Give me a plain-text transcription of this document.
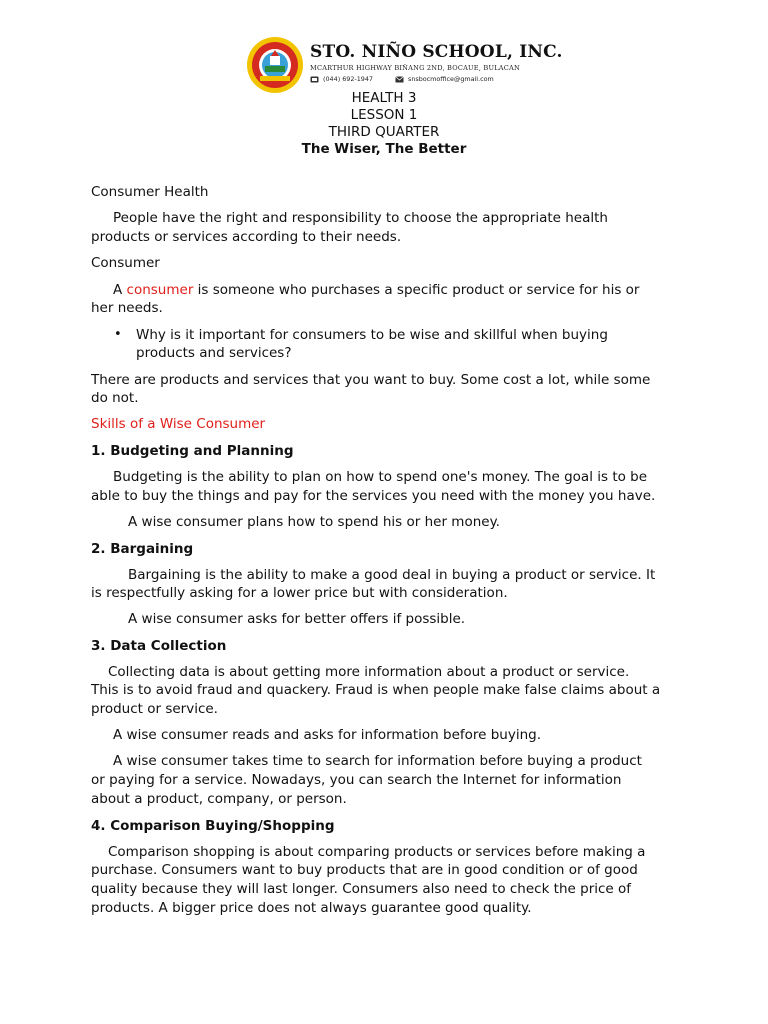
STO. NIÑO SCHOOL, INC.
MCARTHUR HIGHWAY BIÑANG 2ND, BOCAUE, BULACAN
(044) 692-1947	snsbocmoffice@gmail.com
HEALTH 3
LESSON 1
THIRD QUARTER
The Wiser, The Better
Consumer Health
People have the right and responsibility to choose the appropriate health
products or services according to their needs.
Consumer
A consumer is someone who purchases a specific product or service for his or
her needs.
• Why is it important for consumers to be wise and skillful when buying
products and services?
There are products and services that you want to buy. Some cost a lot, while some
do not.
Skills of a Wise Consumer
1. Budgeting and Planning
Budgeting is the ability to plan on how to spend one's money. The goal is to be
able to buy the things and pay for the services you need with the money you have.
A wise consumer plans how to spend his or her money.
2. Bargaining
Bargaining is the ability to make a good deal in buying a product or service. It
is respectfully asking for a lower price but with consideration.
A wise consumer asks for better offers if possible.
3. Data Collection
Collecting data is about getting more information about a product or service.
This is to avoid fraud and quackery. Fraud is when people make false claims about a
product or service.
A wise consumer reads and asks for information before buying.
A wise consumer takes time to search for information before buying a product
or paying for a service. Nowadays, you can search the Internet for information
about a product, company, or person.
4. Comparison Buying/Shopping
Comparison shopping is about comparing products or services before making a
purchase. Consumers want to buy products that are in good condition or of good
quality because they will last longer. Consumers also need to check the price of
products. A bigger price does not always guarantee good quality.
